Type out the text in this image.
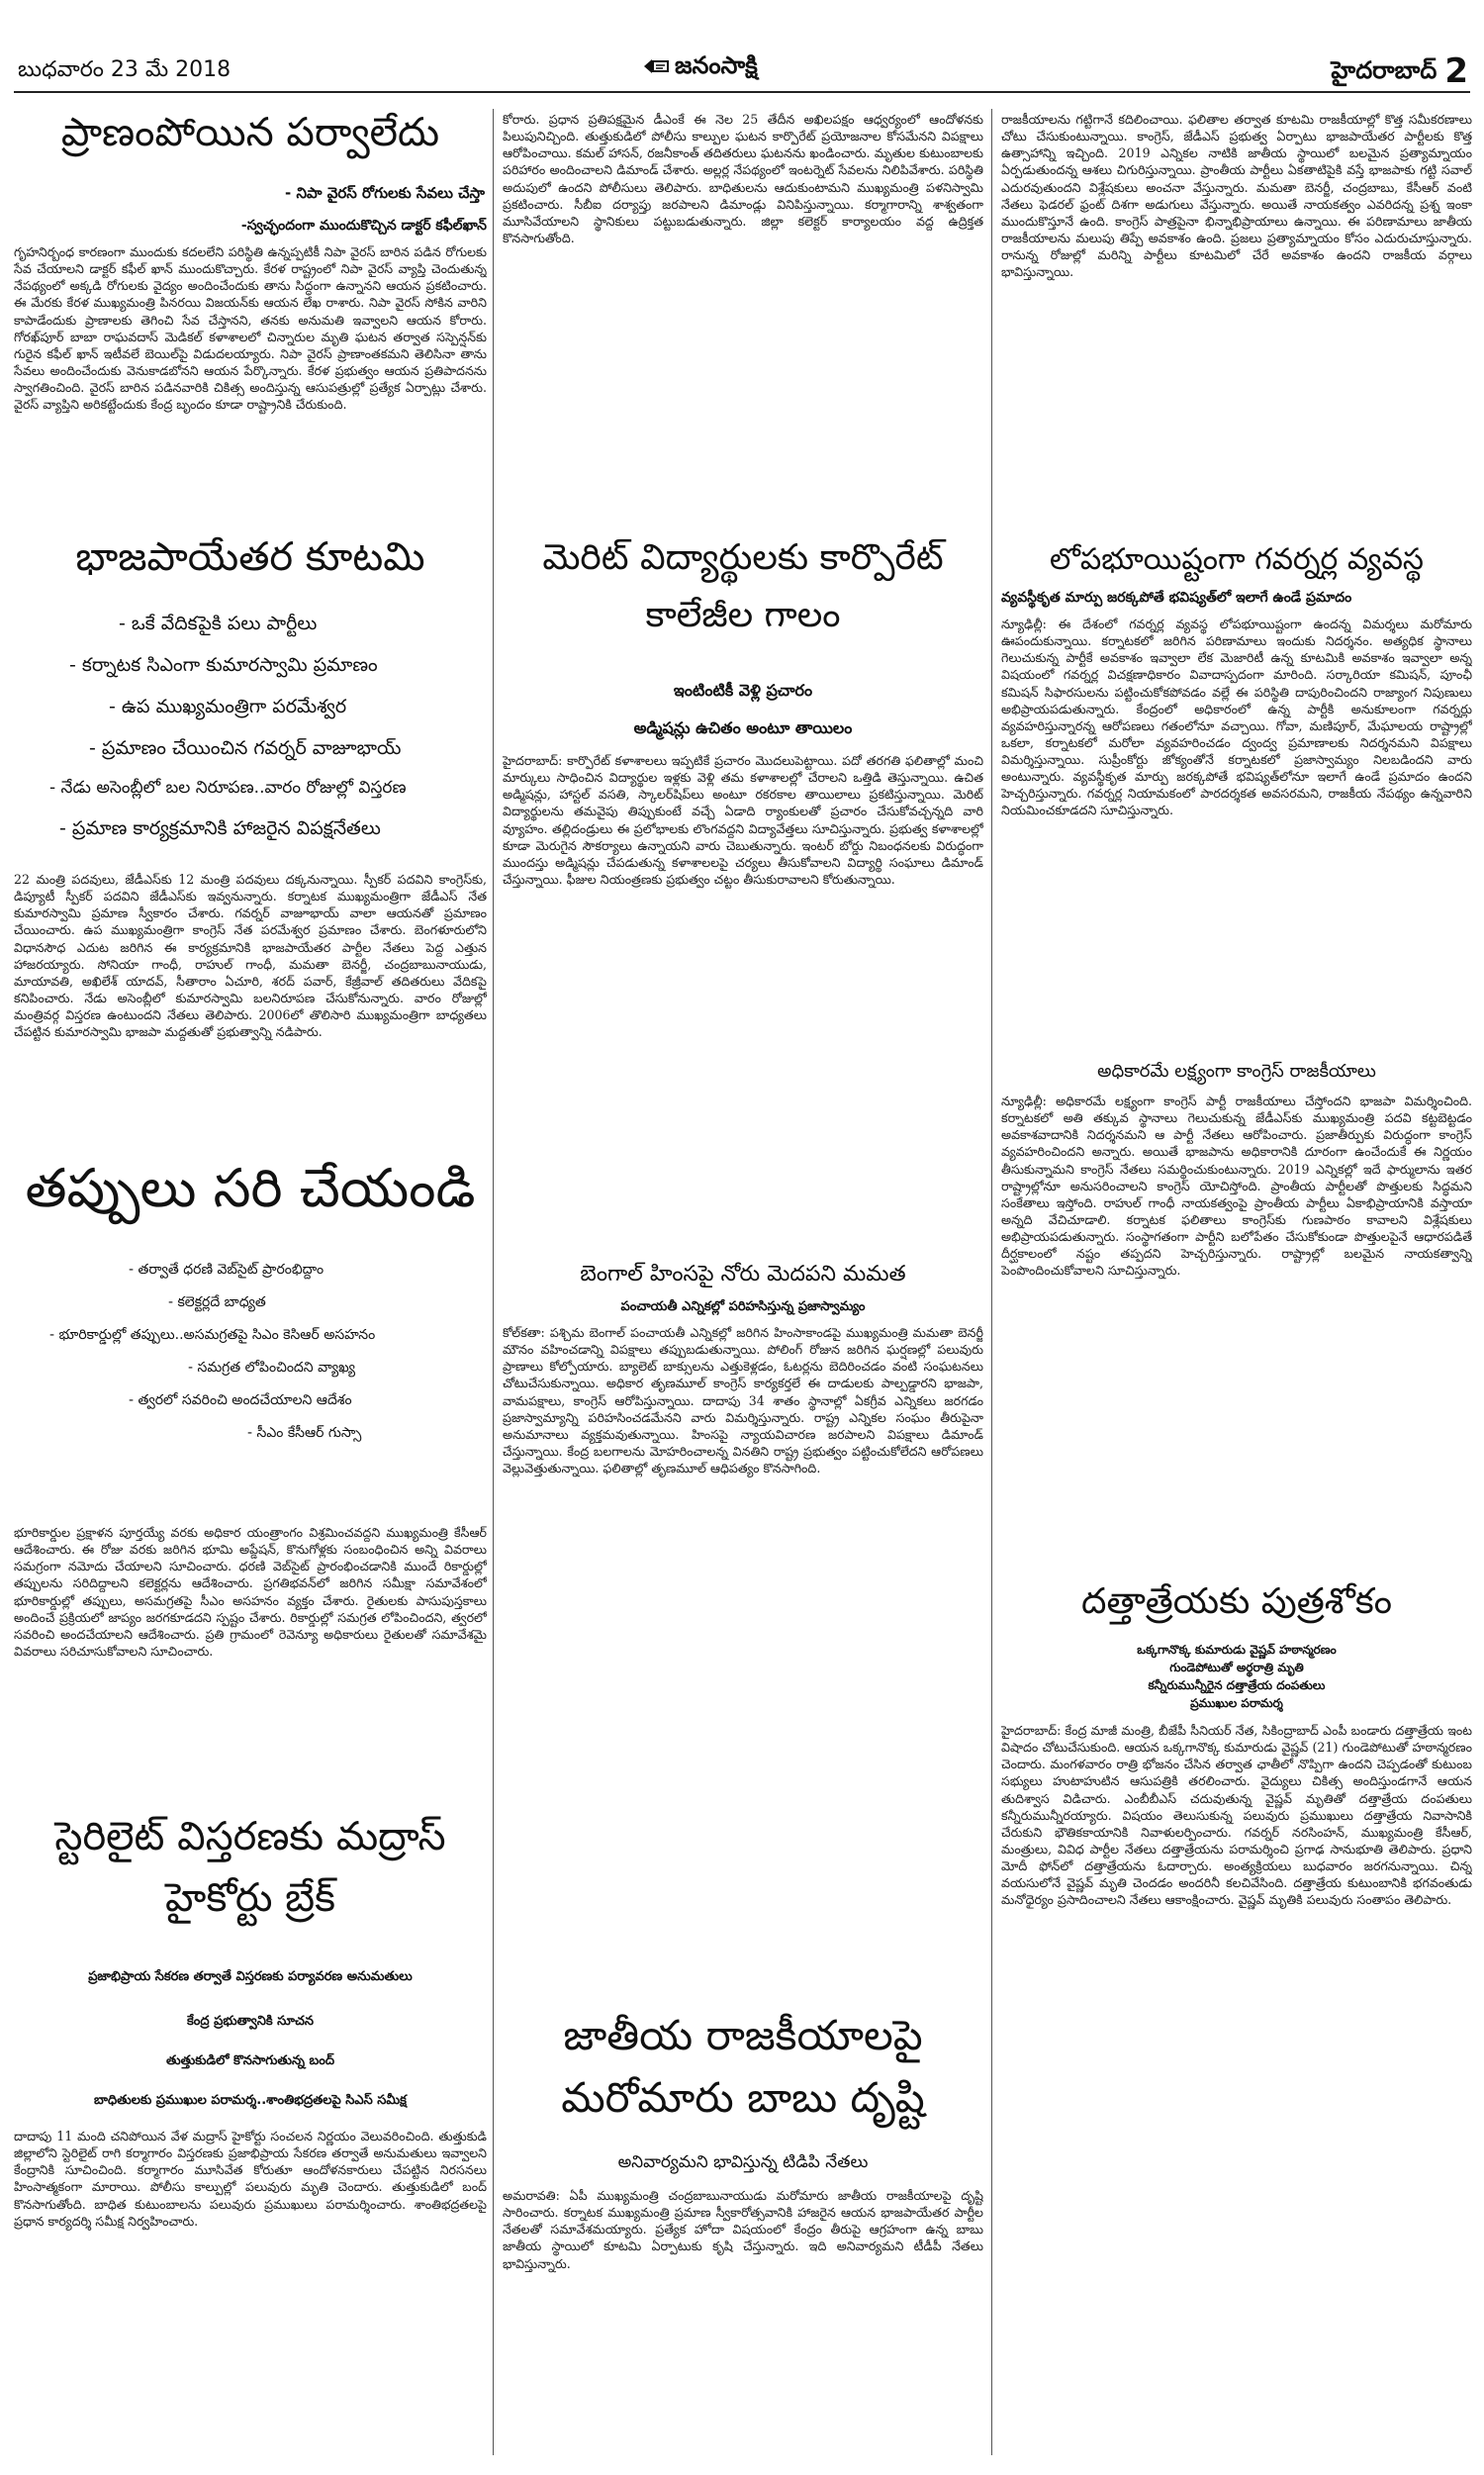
బుధవారం 23 మే 2018	జనంసాక్షి	హైదరాబాద్ 2
ప్రాణంపోయిన పర్వాలేదు
- నిపా వైరస్ రోగులకు సేవలు చేస్తా
-స్వచ్ఛందంగా ముందుకొచ్చిన డాక్టర్ కఫీల్‌ఖాన్
గృహనిర్బంధ కారణంగా ముందుకు కదలలేని పరిస్థితి ఉన్నప్పటికీ నిపా వైరస్ బారిన పడిన రోగులకు సేవ చేయాలని డాక్టర్ కఫీల్ ఖాన్ ముందుకొచ్చారు. కేరళ రాష్ట్రంలో నిపా వైరస్ వ్యాప్తి చెందుతున్న నేపథ్యంలో అక్కడి రోగులకు వైద్యం అందించేందుకు తాను సిద్ధంగా ఉన్నానని ఆయన ప్రకటించారు. ఈ మేరకు కేరళ ముఖ్యమంత్రి పినరయి విజయన్‌కు ఆయన లేఖ రాశారు. నిపా వైరస్ సోకిన వారిని కాపాడేందుకు ప్రాణాలకు తెగించి సేవ చేస్తానని, తనకు అనుమతి ఇవ్వాలని ఆయన కోరారు. గోరఖ్‌పూర్ బాబా రాఘవదాస్ మెడికల్ కళాశాలలో చిన్నారుల మృతి ఘటన తర్వాత సస్పెన్షన్‌కు గురైన కఫీల్ ఖాన్ ఇటీవలే బెయిల్‌పై విడుదలయ్యారు. నిపా వైరస్ ప్రాణాంతకమని తెలిసినా తాను సేవలు అందించేందుకు వెనుకాడబోనని ఆయన పేర్కొన్నారు. కేరళ ప్రభుత్వం ఆయన ప్రతిపాదనను స్వాగతించింది. వైరస్ బారిన పడినవారికి చికిత్స అందిస్తున్న ఆసుపత్రుల్లో ప్రత్యేక ఏర్పాట్లు చేశారు. వైరస్ వ్యాప్తిని అరికట్టేందుకు కేంద్ర బృందం కూడా రాష్ట్రానికి చేరుకుంది.
భాజపాయేతర కూటమి
- ఒకే వేదికపైకి పలు పార్టీలు
- కర్నాటక సిఎంగా కుమారస్వామి ప్రమాణం
- ఉప ముఖ్యమంత్రిగా పరమేశ్వర
- ప్రమాణం చేయించిన గవర్నర్ వాజూభాయ్
- నేడు అసెంబ్లీలో బల నిరూపణ..వారం రోజుల్లో విస్తరణ
- ప్రమాణ కార్యక్రమానికి హాజరైన విపక్షనేతలు
22 మంత్రి పదవులు, జేడీఎస్‌కు 12 మంత్రి పదవులు దక్కనున్నాయి. స్పీకర్ పదవిని కాంగ్రెస్‌కు, డిప్యూటీ స్పీకర్ పదవిని జేడీఎస్‌కు ఇవ్వనున్నారు. కర్నాటక ముఖ్యమంత్రిగా జేడీఎస్ నేత కుమారస్వామి ప్రమాణ స్వీకారం చేశారు. గవర్నర్ వాజూభాయ్ వాలా ఆయనతో ప్రమాణం చేయించారు. ఉప ముఖ్యమంత్రిగా కాంగ్రెస్ నేత పరమేశ్వర ప్రమాణం చేశారు. బెంగళూరులోని విధానసౌధ ఎదుట జరిగిన ఈ కార్యక్రమానికి భాజపాయేతర పార్టీల నేతలు పెద్ద ఎత్తున హాజరయ్యారు. సోనియా గాంధీ, రాహుల్ గాంధీ, మమతా బెనర్జీ, చంద్రబాబునాయుడు, మాయావతి, అఖిలేశ్ యాదవ్, సీతారాం ఏచూరి, శరద్ పవార్, కేజ్రీవాల్ తదితరులు వేదికపై కనిపించారు. నేడు అసెంబ్లీలో కుమారస్వామి బలనిరూపణ చేసుకోనున్నారు. వారం రోజుల్లో మంత్రివర్గ విస్తరణ ఉంటుందని నేతలు తెలిపారు. 2006లో తొలిసారి ముఖ్యమంత్రిగా బాధ్యతలు చేపట్టిన కుమారస్వామి భాజపా మద్దతుతో ప్రభుత్వాన్ని నడిపారు.
తప్పులు సరి చేయండి
- తర్వాతే ధరణి వెబ్‌సైట్ ప్రారంభిద్దాం
- కలెక్టర్లదే బాధ్యత
- భూరికార్డుల్లో తప్పులు..అసమగ్రతపై సిఎం కెసిఆర్ అసహనం
- సమగ్రత లోపించిందని వ్యాఖ్య
- త్వరలో సవరించి అందచేయాలని ఆదేశం
- సీఎం కేసీఆర్ గుస్సా
భూరికార్డుల ప్రక్షాళన పూర్తయ్యే వరకు అధికార యంత్రాంగం విశ్రమించవద్దని ముఖ్యమంత్రి కేసీఆర్ ఆదేశించారు. ఈ రోజు వరకు జరిగిన భూమి అప్డేషన్, కొనుగోళ్లకు సంబంధించిన అన్ని వివరాలు సమగ్రంగా నమోదు చేయాలని సూచించారు. ధరణి వెబ్‌సైట్ ప్రారంభించడానికి ముందే రికార్డుల్లో తప్పులను సరిదిద్దాలని కలెక్టర్లను ఆదేశించారు. ప్రగతిభవన్‌లో జరిగిన సమీక్షా సమావేశంలో భూరికార్డుల్లో తప్పులు, అసమగ్రతపై సీఎం అసహనం వ్యక్తం చేశారు. రైతులకు పాసుపుస్తకాలు అందించే ప్రక్రియలో జాప్యం జరగకూడదని స్పష్టం చేశారు. రికార్డుల్లో సమగ్రత లోపించిందని, త్వరలో సవరించి అందచేయాలని ఆదేశించారు. ప్రతి గ్రామంలో రెవెన్యూ అధికారులు రైతులతో సమావేశమై వివరాలు సరిచూసుకోవాలని సూచించారు.
స్టెరిలైట్ విస్తరణకు మద్రాస్ హైకోర్టు బ్రేక్
ప్రజాభిప్రాయ సేకరణ తర్వాతే విస్తరణకు పర్యావరణ అనుమతులు
కేంద్ర ప్రభుత్వానికి సూచన
తుత్తుకుడిలో కొనసాగుతున్న బంద్
బాధితులకు ప్రముఖుల పరామర్శ..శాంతిభద్రతలపై సిఎస్ సమీక్ష
దాదాపు 11 మంది చనిపోయిన వేళ మద్రాస్ హైకోర్టు సంచలన నిర్ణయం వెలువరించింది. తుత్తుకుడి జిల్లాలోని స్టెరిలైట్ రాగి కర్మాగారం విస్తరణకు ప్రజాభిప్రాయ సేకరణ తర్వాతే అనుమతులు ఇవ్వాలని కేంద్రానికి సూచించింది. కర్మాగారం మూసివేత కోరుతూ ఆందోళనకారులు చేపట్టిన నిరసనలు హింసాత్మకంగా మారాయి. పోలీసు కాల్పుల్లో పలువురు మృతి చెందారు. తుత్తుకుడిలో బంద్ కొనసాగుతోంది. బాధిత కుటుంబాలను పలువురు ప్రముఖులు పరామర్శించారు. శాంతిభద్రతలపై ప్రధాన కార్యదర్శి సమీక్ష నిర్వహించారు.
కోరారు. ప్రధాన ప్రతిపక్షమైన డీఎంకే ఈ నెల 25 తేదీన అఖిలపక్షం ఆధ్వర్యంలో ఆందోళనకు పిలుపునిచ్చింది. తుత్తుకుడిలో పోలీసు కాల్పుల ఘటన కార్పొరేట్ ప్రయోజనాల కోసమేనని విపక్షాలు ఆరోపించాయి. కమల్ హాసన్, రజనీకాంత్ తదితరులు ఘటనను ఖండించారు. మృతుల కుటుంబాలకు పరిహారం అందించాలని డిమాండ్ చేశారు. అల్లర్ల నేపథ్యంలో ఇంటర్నెట్ సేవలను నిలిపివేశారు. పరిస్థితి అదుపులో ఉందని పోలీసులు తెలిపారు. బాధితులను ఆదుకుంటామని ముఖ్యమంత్రి పళనిస్వామి ప్రకటించారు. సీబీఐ దర్యాప్తు జరపాలని డిమాండ్లు వినిపిస్తున్నాయి. కర్మాగారాన్ని శాశ్వతంగా మూసివేయాలని స్థానికులు పట్టుబడుతున్నారు. జిల్లా కలెక్టర్ కార్యాలయం వద్ద ఉద్రిక్తత కొనసాగుతోంది.
మెరిట్ విద్యార్థులకు కార్పొరేట్ కాలేజీల గాలం
ఇంటింటికీ వెళ్లి ప్రచారం
అడ్మిషన్లు ఉచితం అంటూ తాయిలం
హైదరాబాద్: కార్పొరేట్ కళాశాలలు ఇప్పటికే ప్రచారం మొదలుపెట్టాయి. పదో తరగతి ఫలితాల్లో మంచి మార్కులు సాధించిన విద్యార్థుల ఇళ్లకు వెళ్లి తమ కళాశాలల్లో చేరాలని ఒత్తిడి తెస్తున్నాయి. ఉచిత అడ్మిషన్లు, హాస్టల్ వసతి, స్కాలర్‌షిప్‌లు అంటూ రకరకాల తాయిలాలు ప్రకటిస్తున్నాయి. మెరిట్ విద్యార్థులను తమవైపు తిప్పుకుంటే వచ్చే ఏడాది ర్యాంకులతో ప్రచారం చేసుకోవచ్చన్నది వారి వ్యూహం. తల్లిదండ్రులు ఈ ప్రలోభాలకు లొంగవద్దని విద్యావేత్తలు సూచిస్తున్నారు. ప్రభుత్వ కళాశాలల్లో కూడా మెరుగైన సౌకర్యాలు ఉన్నాయని వారు చెబుతున్నారు. ఇంటర్ బోర్డు నిబంధనలకు విరుద్ధంగా ముందస్తు అడ్మిషన్లు చేపడుతున్న కళాశాలలపై చర్యలు తీసుకోవాలని విద్యార్థి సంఘాలు డిమాండ్ చేస్తున్నాయి. ఫీజుల నియంత్రణకు ప్రభుత్వం చట్టం తీసుకురావాలని కోరుతున్నాయి.
బెంగాల్ హింసపై నోరు మెదపని మమత
పంచాయతీ ఎన్నికల్లో పరిహసిస్తున్న ప్రజాస్వామ్యం
కోల్‌కతా: పశ్చిమ బెంగాల్ పంచాయతీ ఎన్నికల్లో జరిగిన హింసాకాండపై ముఖ్యమంత్రి మమతా బెనర్జీ మౌనం వహించడాన్ని విపక్షాలు తప్పుబడుతున్నాయి. పోలింగ్ రోజున జరిగిన ఘర్షణల్లో పలువురు ప్రాణాలు కోల్పోయారు. బ్యాలెట్ బాక్సులను ఎత్తుకెళ్లడం, ఓటర్లను బెదిరించడం వంటి సంఘటనలు చోటుచేసుకున్నాయి. అధికార తృణమూల్ కాంగ్రెస్ కార్యకర్తలే ఈ దాడులకు పాల్పడ్డారని భాజపా, వామపక్షాలు, కాంగ్రెస్ ఆరోపిస్తున్నాయి. దాదాపు 34 శాతం స్థానాల్లో ఏకగ్రీవ ఎన్నికలు జరగడం ప్రజాస్వామ్యాన్ని పరిహసించడమేనని వారు విమర్శిస్తున్నారు. రాష్ట్ర ఎన్నికల సంఘం తీరుపైనా అనుమానాలు వ్యక్తమవుతున్నాయి. హింసపై న్యాయవిచారణ జరపాలని విపక్షాలు డిమాండ్ చేస్తున్నాయి. కేంద్ర బలగాలను మోహరించాలన్న వినతిని రాష్ట్ర ప్రభుత్వం పట్టించుకోలేదని ఆరోపణలు వెల్లువెత్తుతున్నాయి. ఫలితాల్లో తృణమూల్ ఆధిపత్యం కొనసాగింది.
జాతీయ రాజకీయాలపై మరోమారు బాబు దృష్టి
అనివార్యమని భావిస్తున్న టిడిపి నేతలు
అమరావతి: ఏపీ ముఖ్యమంత్రి చంద్రబాబునాయుడు మరోమారు జాతీయ రాజకీయాలపై దృష్టి సారించారు. కర్నాటక ముఖ్యమంత్రి ప్రమాణ స్వీకారోత్సవానికి హాజరైన ఆయన భాజపాయేతర పార్టీల నేతలతో సమావేశమయ్యారు. ప్రత్యేక హోదా విషయంలో కేంద్రం తీరుపై ఆగ్రహంగా ఉన్న బాబు జాతీయ స్థాయిలో కూటమి ఏర్పాటుకు కృషి చేస్తున్నారు. ఇది అనివార్యమని టీడీపీ నేతలు భావిస్తున్నారు.
రాజకీయాలను గట్టిగానే కదిలించాయి. ఫలితాల తర్వాత కూటమి రాజకీయాల్లో కొత్త సమీకరణాలు చోటు చేసుకుంటున్నాయి. కాంగ్రెస్, జేడీఎస్ ప్రభుత్వ ఏర్పాటు భాజపాయేతర పార్టీలకు కొత్త ఉత్సాహాన్ని ఇచ్చింది. 2019 ఎన్నికల నాటికి జాతీయ స్థాయిలో బలమైన ప్రత్యామ్నాయం ఏర్పడుతుందన్న ఆశలు చిగురిస్తున్నాయి. ప్రాంతీయ పార్టీలు ఏకతాటిపైకి వస్తే భాజపాకు గట్టి సవాల్ ఎదురవుతుందని విశ్లేషకులు అంచనా వేస్తున్నారు. మమతా బెనర్జీ, చంద్రబాబు, కేసీఆర్ వంటి నేతలు ఫెడరల్ ఫ్రంట్ దిశగా అడుగులు వేస్తున్నారు. అయితే నాయకత్వం ఎవరిదన్న ప్రశ్న ఇంకా ముందుకొస్తూనే ఉంది. కాంగ్రెస్ పాత్రపైనా భిన్నాభిప్రాయాలు ఉన్నాయి. ఈ పరిణామాలు జాతీయ రాజకీయాలను మలుపు తిప్పే అవకాశం ఉంది. ప్రజలు ప్రత్యామ్నాయం కోసం ఎదురుచూస్తున్నారు. రానున్న రోజుల్లో మరిన్ని పార్టీలు కూటమిలో చేరే అవకాశం ఉందని రాజకీయ వర్గాలు భావిస్తున్నాయి.
లోపభూయిష్టంగా గవర్నర్ల వ్యవస్థ
వ్యవస్థీకృత మార్పు జరక్కపోతే భవిష్యత్‌లో ఇలాగే ఉండే ప్రమాదం
న్యూఢిల్లీ: ఈ దేశంలో గవర్నర్ల వ్యవస్థ లోపభూయిష్టంగా ఉందన్న విమర్శలు మరోమారు ఊపందుకున్నాయి. కర్నాటకలో జరిగిన పరిణామాలు ఇందుకు నిదర్శనం. అత్యధిక స్థానాలు గెలుచుకున్న పార్టీకే అవకాశం ఇవ్వాలా లేక మెజారిటీ ఉన్న కూటమికి అవకాశం ఇవ్వాలా అన్న విషయంలో గవర్నర్ల విచక్షణాధికారం వివాదాస్పదంగా మారింది. సర్కారియా కమిషన్, పూంఛీ కమిషన్ సిఫారసులను పట్టించుకోకపోవడం వల్లే ఈ పరిస్థితి దాపురించిందని రాజ్యాంగ నిపుణులు అభిప్రాయపడుతున్నారు. కేంద్రంలో అధికారంలో ఉన్న పార్టీకి అనుకూలంగా గవర్నర్లు వ్యవహరిస్తున్నారన్న ఆరోపణలు గతంలోనూ వచ్చాయి. గోవా, మణిపూర్, మేఘాలయ రాష్ట్రాల్లో ఒకలా, కర్నాటకలో మరోలా వ్యవహరించడం ద్వంద్వ ప్రమాణాలకు నిదర్శనమని విపక్షాలు విమర్శిస్తున్నాయి. సుప్రీంకోర్టు జోక్యంతోనే కర్నాటకలో ప్రజాస్వామ్యం నిలబడిందని వారు అంటున్నారు. వ్యవస్థీకృత మార్పు జరక్కపోతే భవిష్యత్‌లోనూ ఇలాగే ఉండే ప్రమాదం ఉందని హెచ్చరిస్తున్నారు. గవర్నర్ల నియామకంలో పారదర్శకత అవసరమని, రాజకీయ నేపథ్యం ఉన్నవారిని నియమించకూడదని సూచిస్తున్నారు.
అధికారమే లక్ష్యంగా కాంగ్రెస్ రాజకీయాలు
న్యూఢిల్లీ: అధికారమే లక్ష్యంగా కాంగ్రెస్ పార్టీ రాజకీయాలు చేస్తోందని భాజపా విమర్శించింది. కర్నాటకలో అతి తక్కువ స్థానాలు గెలుచుకున్న జేడీఎస్‌కు ముఖ్యమంత్రి పదవి కట్టబెట్టడం అవకాశవాదానికి నిదర్శనమని ఆ పార్టీ నేతలు ఆరోపించారు. ప్రజాతీర్పుకు విరుద్ధంగా కాంగ్రెస్ వ్యవహరించిందని అన్నారు. అయితే భాజపాను అధికారానికి దూరంగా ఉంచేందుకే ఈ నిర్ణయం తీసుకున్నామని కాంగ్రెస్ నేతలు సమర్థించుకుంటున్నారు. 2019 ఎన్నికల్లో ఇదే ఫార్ములాను ఇతర రాష్ట్రాల్లోనూ అనుసరించాలని కాంగ్రెస్ యోచిస్తోంది. ప్రాంతీయ పార్టీలతో పొత్తులకు సిద్ధమని సంకేతాలు ఇస్తోంది. రాహుల్ గాంధీ నాయకత్వంపై ప్రాంతీయ పార్టీలు ఏకాభిప్రాయానికి వస్తాయా అన్నది వేచిచూడాలి. కర్నాటక ఫలితాలు కాంగ్రెస్‌కు గుణపాఠం కావాలని విశ్లేషకులు అభిప్రాయపడుతున్నారు. సంస్థాగతంగా పార్టీని బలోపేతం చేసుకోకుండా పొత్తులపైనే ఆధారపడితే దీర్ఘకాలంలో నష్టం తప్పదని హెచ్చరిస్తున్నారు. రాష్ట్రాల్లో బలమైన నాయకత్వాన్ని పెంపొందించుకోవాలని సూచిస్తున్నారు.
దత్తాత్రేయకు పుత్రశోకం
ఒక్కగానొక్క కుమారుడు వైష్ణవ్ హఠాన్మరణం
గుండెపోటుతో అర్థరాత్రి మృతి
కన్నీరుమున్నీరైన దత్తాత్రేయ దంపతులు
ప్రముఖుల పరామర్శ
హైదరాబాద్: కేంద్ర మాజీ మంత్రి, బీజేపీ సీనియర్ నేత, సికింద్రాబాద్ ఎంపీ బండారు దత్తాత్రేయ ఇంట విషాదం చోటుచేసుకుంది. ఆయన ఒక్కగానొక్క కుమారుడు వైష్ణవ్ (21) గుండెపోటుతో హఠాన్మరణం చెందారు. మంగళవారం రాత్రి భోజనం చేసిన తర్వాత ఛాతీలో నొప్పిగా ఉందని చెప్పడంతో కుటుంబ సభ్యులు హుటాహుటిన ఆసుపత్రికి తరలించారు. వైద్యులు చికిత్స అందిస్తుండగానే ఆయన తుదిశ్వాస విడిచారు. ఎంబీబీఎస్ చదువుతున్న వైష్ణవ్ మృతితో దత్తాత్రేయ దంపతులు కన్నీరుమున్నీరయ్యారు. విషయం తెలుసుకున్న పలువురు ప్రముఖులు దత్తాత్రేయ నివాసానికి చేరుకుని భౌతికకాయానికి నివాళులర్పించారు. గవర్నర్ నరసింహన్, ముఖ్యమంత్రి కేసీఆర్, మంత్రులు, వివిధ పార్టీల నేతలు దత్తాత్రేయను పరామర్శించి ప్రగాఢ సానుభూతి తెలిపారు. ప్రధాని మోదీ ఫోన్‌లో దత్తాత్రేయను ఓదార్చారు. అంత్యక్రియలు బుధవారం జరగనున్నాయి. చిన్న వయసులోనే వైష్ణవ్ మృతి చెందడం అందరినీ కలచివేసింది. దత్తాత్రేయ కుటుంబానికి భగవంతుడు మనోధైర్యం ప్రసాదించాలని నేతలు ఆకాంక్షించారు. వైష్ణవ్ మృతికి పలువురు సంతాపం తెలిపారు.
